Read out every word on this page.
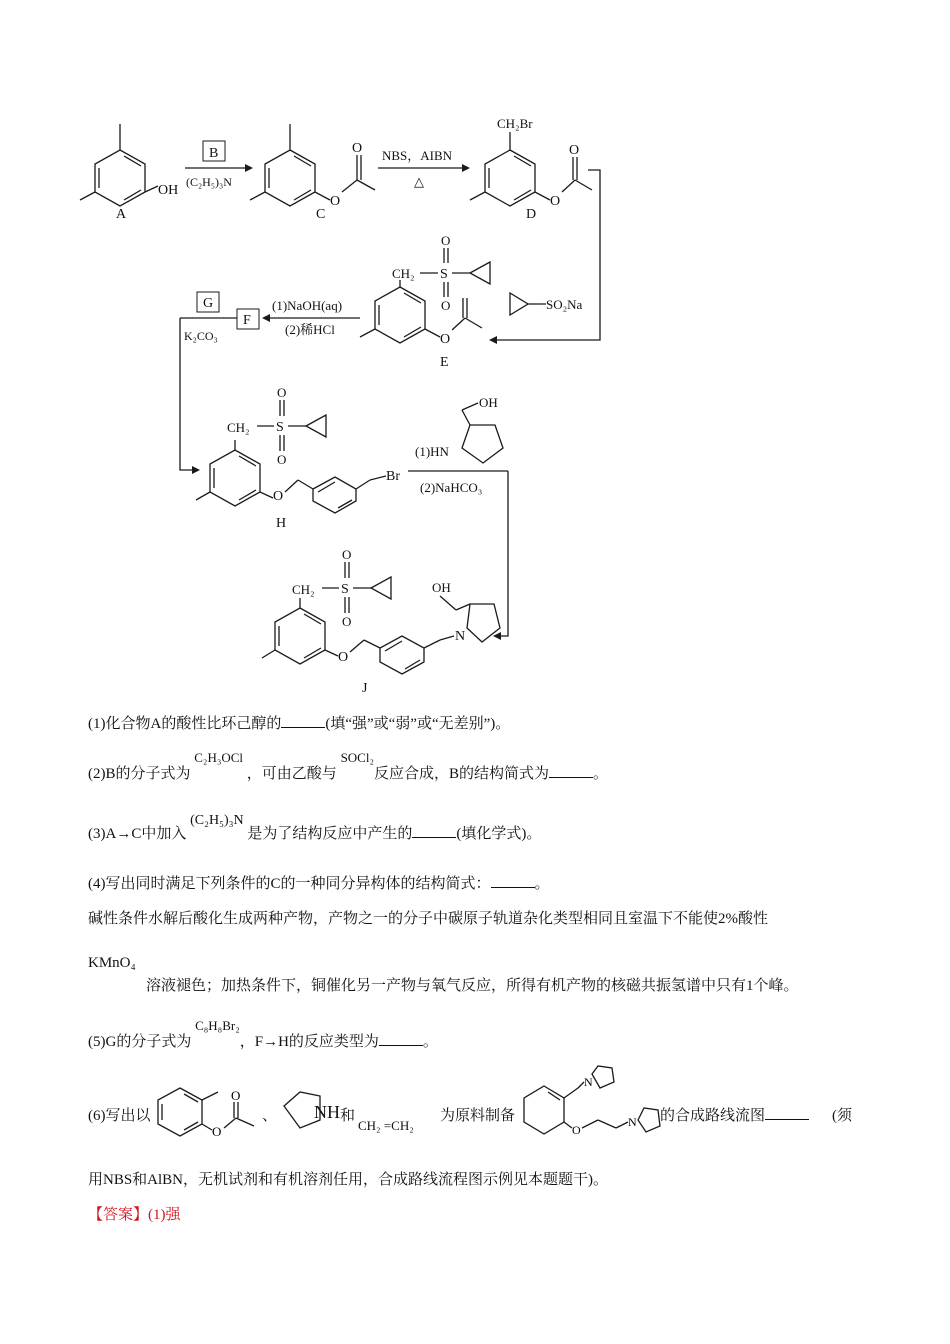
OH
A
B
(C₂H₅)₃N
O
O
C
NBS，AIBN
△
CH₂Br
O
O
D
SO₂Na
CH₂ S
O
O
O
E
(1)NaOH(aq)
(2)稀HCl
F
G
K₂CO₃
CH₂ S
O
O
O
Br
H
(1)HN
OH
(2)NaHCO₃
CH₂ S
O
O
O
N
OH
J
(1)化合物A的酸性比环己醇的	(填“强”或“弱”或“无差别”)。
(2)B的分子式为 C₂H₃OCl ，可由乙酸与 SOCl₂反应合成，B的结构简式为	。
(3)A→C中加入 (C₂H₅)₃N 是为了结构反应中产生的	(填化学式)。
(4)写出同时满足下列条件的C的一种同分异构体的结构简式：	。
碱性条件水解后酸化生成两种产物，产物之一的分子中碳原子轨道杂化类型相同且室温下不能使2%酸性
KMnO₄
溶液褪色；加热条件下，铜催化另一产物与氧气反应，所得有机产物的核磁共振氢谱中只有1个峰。
(5)G的分子式为 C₈H₈Br₂，F→H的反应类型为	。
(6)写出以
O
O
、 NH 和
CH₂ =CH₂
为原料制备
N
O
N 的合成路线流图	(须
用NBS和AlBN，无机试剂和有机溶剂任用，合成路线流程图示例见本题题干)。
【答案】(1)强
